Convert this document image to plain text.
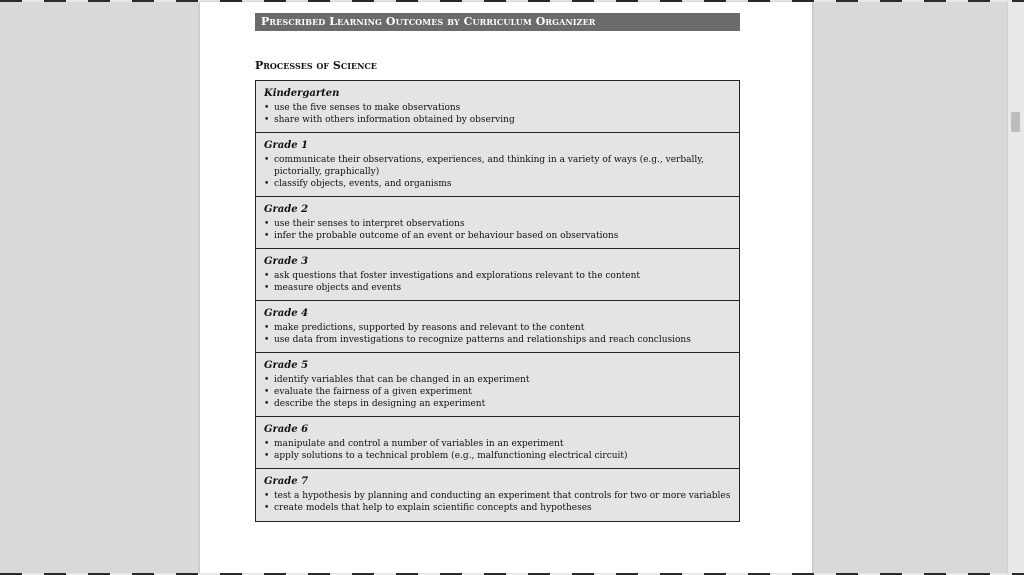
Prescribed Learning Outcomes by Curriculum Organizer
Processes of Science
Kindergarten
• use the five senses to make observations
• share with others information obtained by observing
Grade 1
• communicate their observations, experiences, and thinking in a variety of ways (e.g., verbally, pictorially, graphically)
• classify objects, events, and organisms
Grade 2
• use their senses to interpret observations
• infer the probable outcome of an event or behaviour based on observations
Grade 3
• ask questions that foster investigations and explorations relevant to the content
• measure objects and events
Grade 4
• make predictions, supported by reasons and relevant to the content
• use data from investigations to recognize patterns and relationships and reach conclusions
Grade 5
• identify variables that can be changed in an experiment
• evaluate the fairness of a given experiment
• describe the steps in designing an experiment
Grade 6
• manipulate and control a number of variables in an experiment
• apply solutions to a technical problem (e.g., malfunctioning electrical circuit)
Grade 7
• test a hypothesis by planning and conducting an experiment that controls for two or more variables
• create models that help to explain scientific concepts and hypotheses
